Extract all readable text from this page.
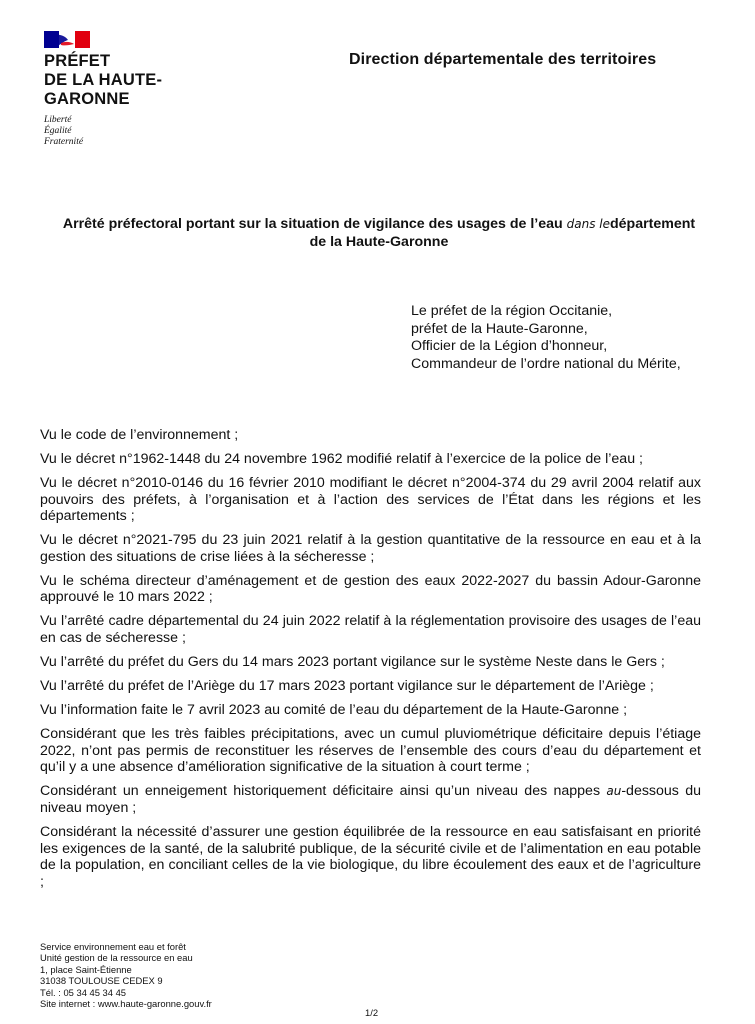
PRÉFET
DE LA HAUTE-
GARONNE
Liberté
Égalité
Fraternité
Direction départementale des territoires
Arrêté préfectoral portant sur la situation de vigilance des usages de l’eau dans ledépartement
de la Haute-Garonne
Le préfet de la région Occitanie,
préfet de la Haute-Garonne,
Officier de la Légion d’honneur,
Commandeur de l’ordre national du Mérite,

Vu le code de l’environnement ;

Vu le décret n°1962-1448 du 24 novembre 1962 modifié relatif à l’exercice de la police de l’eau ;

Vu le décret n°2010-0146 du 16 février 2010 modifiant le décret n°2004-374 du 29 avril 2004 relatif aux pouvoirs des préfets, à l’organisation et à l’action des services de l’État dans les régions et les départements ;

Vu le décret n°2021-795 du 23 juin 2021 relatif à la gestion quantitative de la ressource en eau et à la gestion des situations de crise liées à la sécheresse ;

Vu le schéma directeur d’aménagement et de gestion des eaux 2022-2027 du bassin Adour-Garonne approuvé le 10 mars 2022 ;

Vu l’arrêté cadre départemental du 24 juin 2022 relatif à la réglementation provisoire des usages de l’eau en cas de sécheresse ;

Vu l’arrêté du préfet du Gers du 14 mars 2023 portant vigilance sur le système Neste dans le Gers ;

Vu l’arrêté du préfet de l’Ariège du 17 mars 2023 portant vigilance sur le département de l’Ariège ;

Vu l’information faite le 7 avril 2023 au comité de l’eau du département de la Haute-Garonne ;

Considérant que les très faibles précipitations, avec un cumul pluviométrique déficitaire depuis l’étiage 2022, n’ont pas permis de reconstituer les réserves de l’ensemble des cours d’eau du département et qu’il y a une absence d’amélioration significative de la situation à court terme ;

Considérant un enneigement historiquement déficitaire ainsi qu’un niveau des nappes au-dessous du niveau moyen ;

Considérant la nécessité d’assurer une gestion équilibrée de la ressource en eau satisfaisant en priorité les exigences de la santé, de la salubrité publique, de la sécurité civile et de l’alimentation en eau potable de la population, en conciliant celles de la vie biologique, du libre écoulement des eaux et de l’agriculture ;

Service environnement eau et forêt
Unité gestion de la ressource en eau
1, place Saint-Étienne
31038 TOULOUSE CEDEX 9
Tél. : 05 34 45 34 45
Site internet : www.haute-garonne.gouv.fr
1/2
